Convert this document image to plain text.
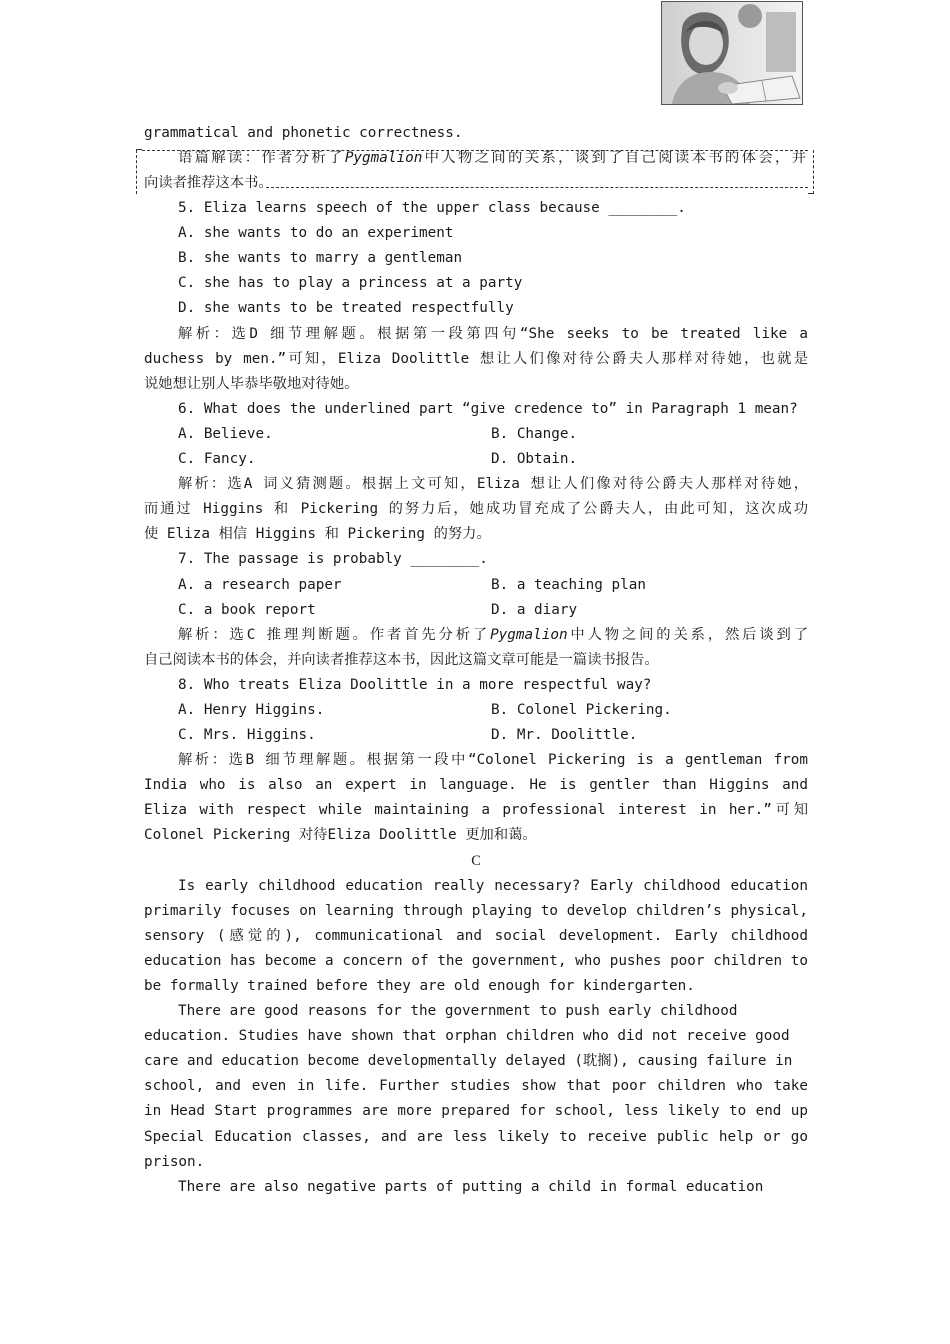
grammatical and phonetic correctness.
语篇解读：作者分析了Pygmalion中人物之间的关系，谈到了自己阅读本书的体会，并
向读者推荐这本书。
5. Eliza learns speech of the upper class because ________.
A. she wants to do an experiment
B. she wants to marry a gentleman
C. she has to play a princess at a party
D. she wants to be treated respectfully
解析：选D 细节理解题。根据第一段第四句“She seeks to be treated like a
duchess by men.”可知，Eliza Doolittle 想让人们像对待公爵夫人那样对待她，也就是
说她想让别人毕恭毕敬地对待她。
6. What does the underlined part “give credence to” in Paragraph 1 mean?
A. Believe.	B. Change.
C. Fancy.	D. Obtain.
解析：选A 词义猜测题。根据上文可知，Eliza 想让人们像对待公爵夫人那样对待她，
而通过 Higgins 和 Pickering 的努力后，她成功冒充成了公爵夫人，由此可知，这次成功
使 Eliza 相信 Higgins 和 Pickering 的努力。
7. The passage is probably ________.
A. a research paper	B. a teaching plan
C. a book report	D. a diary
解析：选C 推理判断题。作者首先分析了Pygmalion中人物之间的关系，然后谈到了
自己阅读本书的体会，并向读者推荐这本书，因此这篇文章可能是一篇读书报告。
8. Who treats Eliza Doolittle in a more respectful way?
A. Henry Higgins.	B. Colonel Pickering.
C. Mrs. Higgins.	D. Mr. Doolittle.
解析：选B 细节理解题。根据第一段中“Colonel Pickering is a gentleman from
India who is also an expert in language. He is gentler than Higgins and
Eliza with respect while maintaining a professional interest in her.”可知
Colonel Pickering 对待Eliza Doolittle 更加和蔼。
C
Is early childhood education really necessary? Early childhood education
primarily focuses on learning through playing to develop children’s physical,
sensory (感觉的), communicational and social development. Early childhood
education has become a concern of the government, who pushes poor children to
be formally trained before they are old enough for kindergarten.
There are good reasons for the government to push early childhood
education. Studies have shown that orphan children who did not receive good
care and education become developmentally delayed (耽搁), causing failure in
school, and even in life. Further studies show that poor children who take
in Head Start programmes are more prepared for school, less likely to end up
Special Education classes, and are less likely to receive public help or go
prison.
There are also negative parts of putting a child in formal education
